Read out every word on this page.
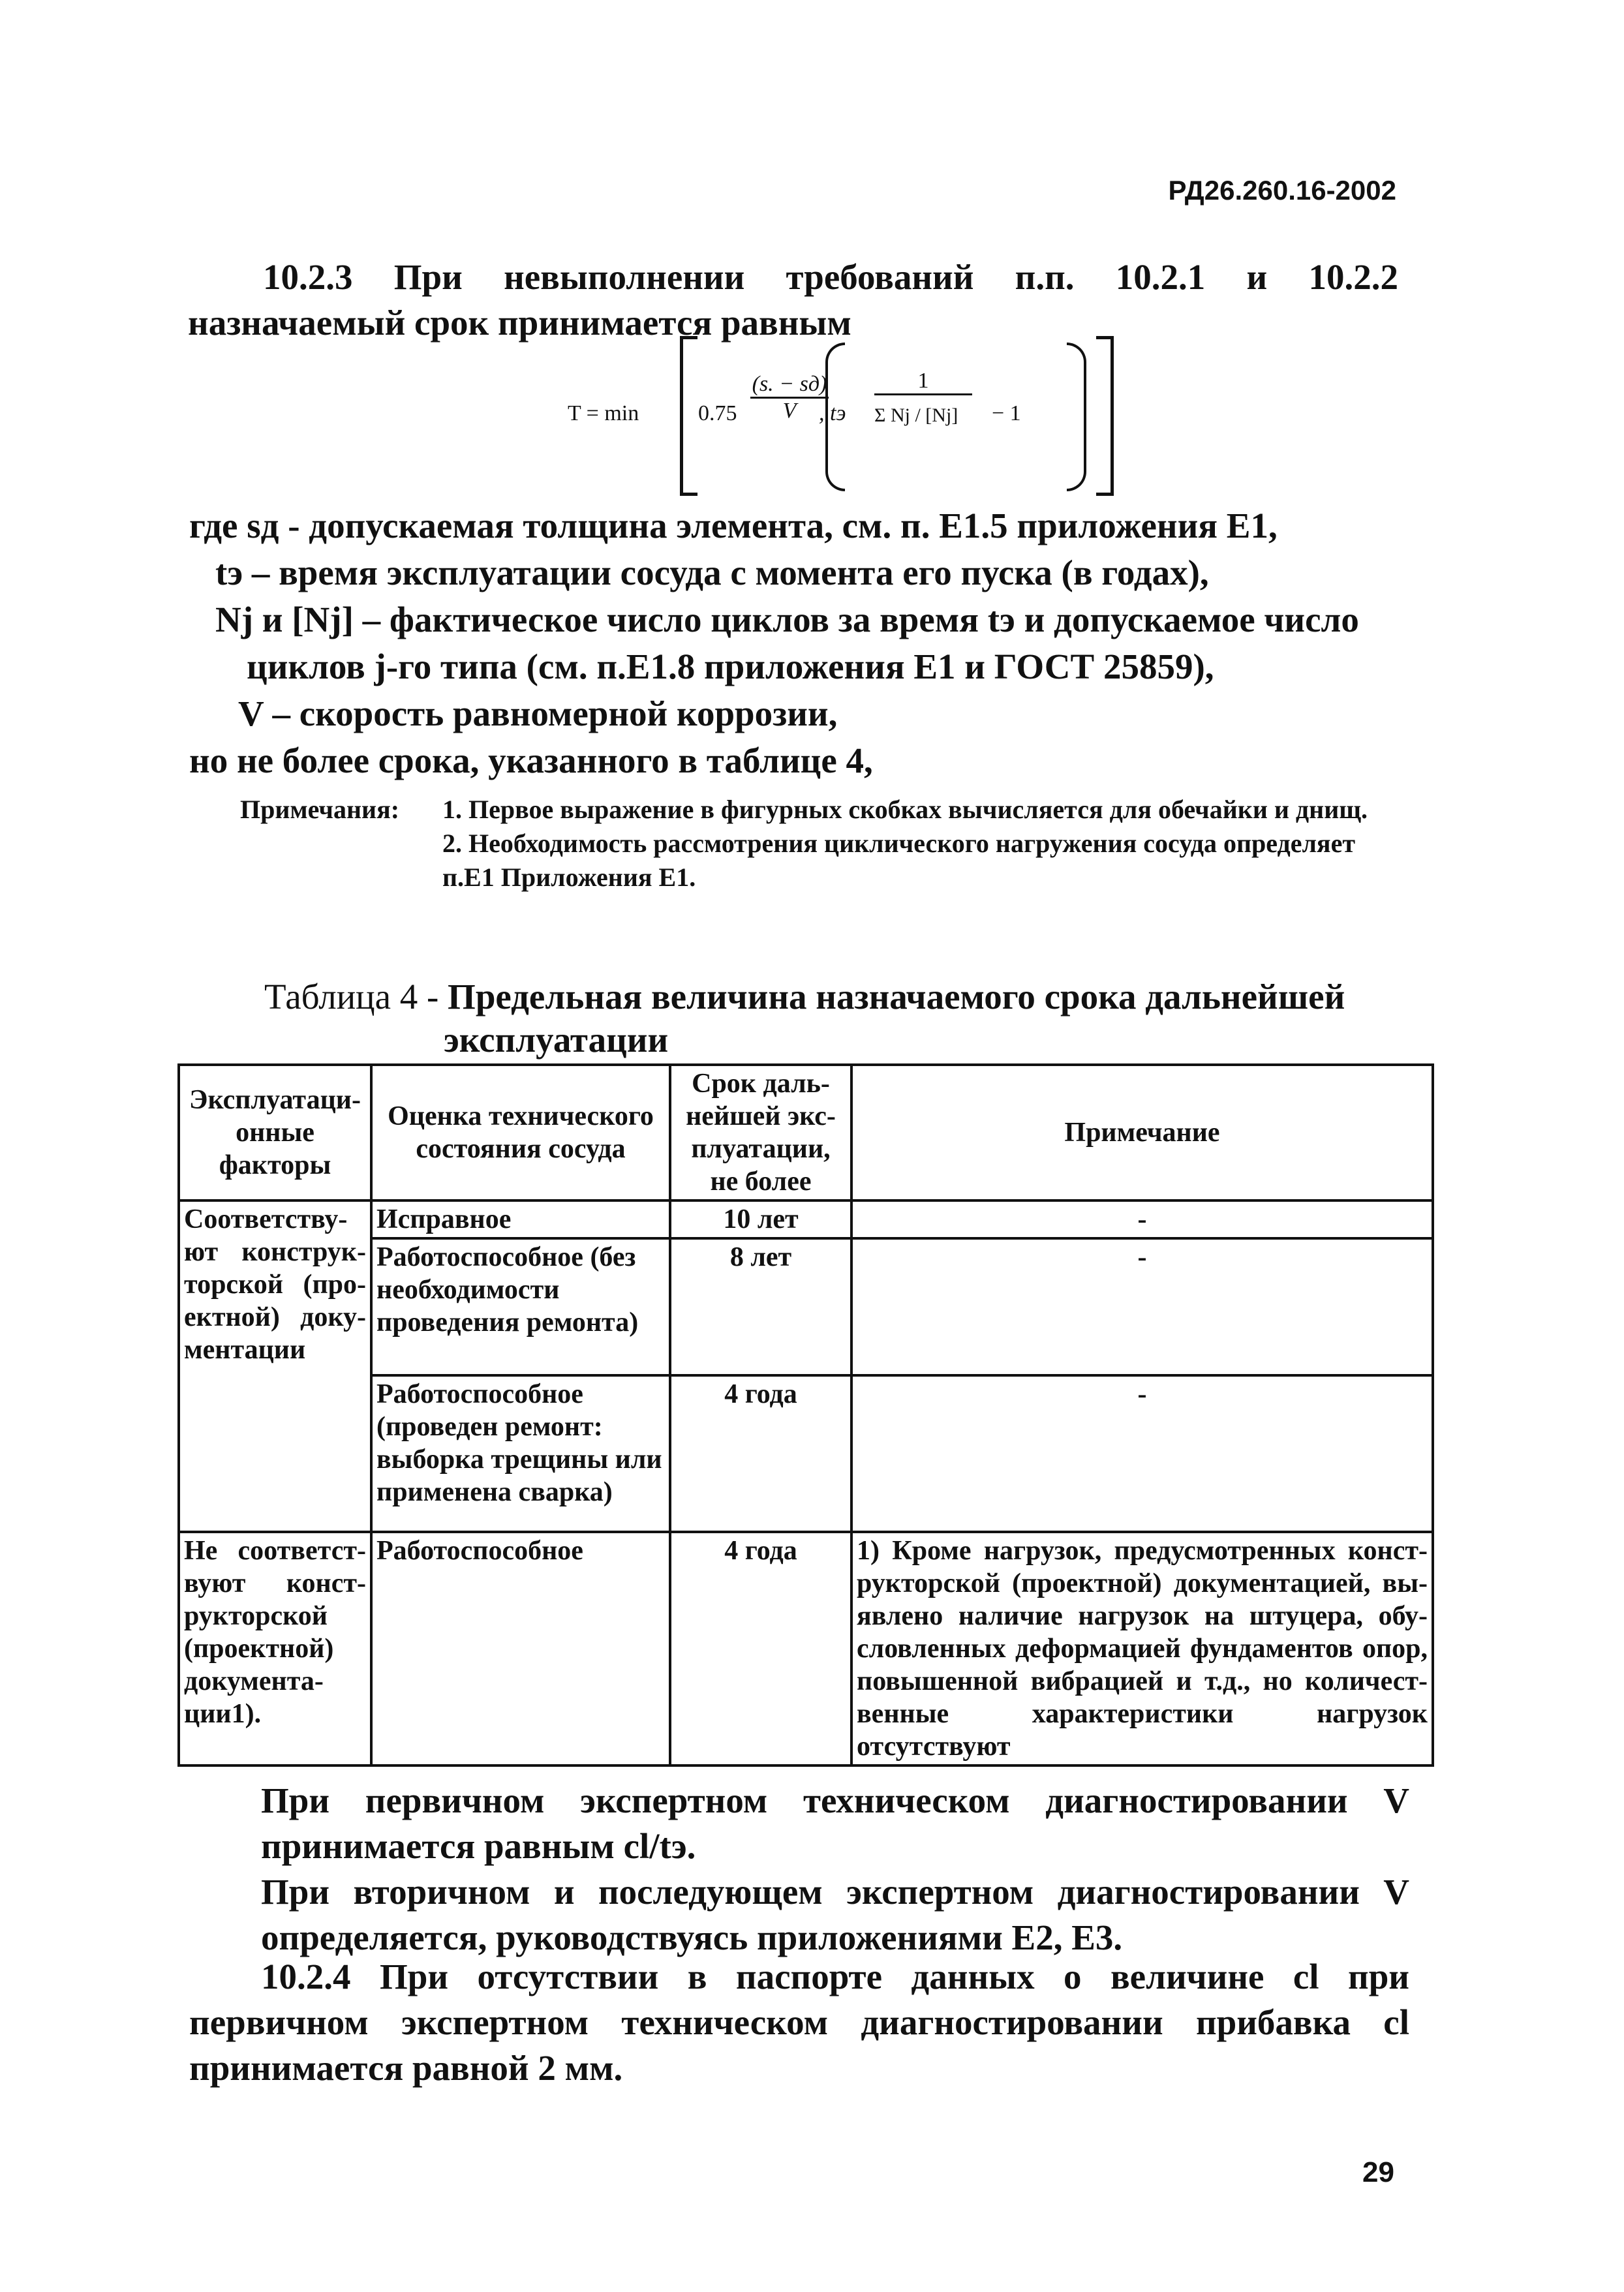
РД26.260.16-2002
10.2.3 При невыполнении требований п.п. 10.2.1 и 10.2.2 назначаемый срок принимается равным
T = min	0.75
(s. − sд)
V	, tэ
1
Σ Nj / [Nj] − 1
где sд - допускаемая толщина элемента, см. п. Е1.5 приложения Е1,
tэ – время эксплуатации сосуда с момента его пуска (в годах),
Nj и [Nj] – фактическое число циклов за время tэ и допускаемое число
циклов j-го типа (см. п.Е1.8 приложения Е1 и ГОСТ 25859),
V – скорость равномерной коррозии,
но не более срока, указанного в таблице 4,
Примечания: 1. Первое выражение в фигурных скобках вычисляется для обечайки и днищ.
2. Необходимость рассмотрения циклического нагружения сосуда определяет п.Е1 Приложения Е1.
Таблица 4 - Предельная величина назначаемого срока дальнейшей
эксплуатации
Эксплуатаци-онные факторы	Оценка технического состояния сосуда	Срок даль-нейшей экс-плуатации, не более	Примечание
Соответству-ют конструк-торской (про-ектной) доку-ментации	Исправное	10 лет	-
	Работоспособное (без необходимости проведения ремонта)	8 лет	-
	Работоспособное (проведен ремонт: выборка трещины или применена сварка)	4 года	-
Не соответст-вуют конст-рукторской (проектной) документа-ции1).	Работоспособное	4 года	1) Кроме нагрузок, предусмотренных конст-рукторской (проектной) документацией, вы-явлено наличие нагрузок на штуцера, обу-словленных деформацией фундаментов опор, повышенной вибрацией и т.д., но количест-венные характеристики нагрузок отсутствуют
При первичном экспертном техническом диагностировании V принимается равным cl/tэ.
При вторичном и последующем экспертном диагностировании V определяется, руководствуясь приложениями Е2, Е3.
10.2.4 При отсутствии в паспорте данных о величине cl при первичном экспертном техническом диагностировании прибавка cl принимается равной 2 мм.
29
